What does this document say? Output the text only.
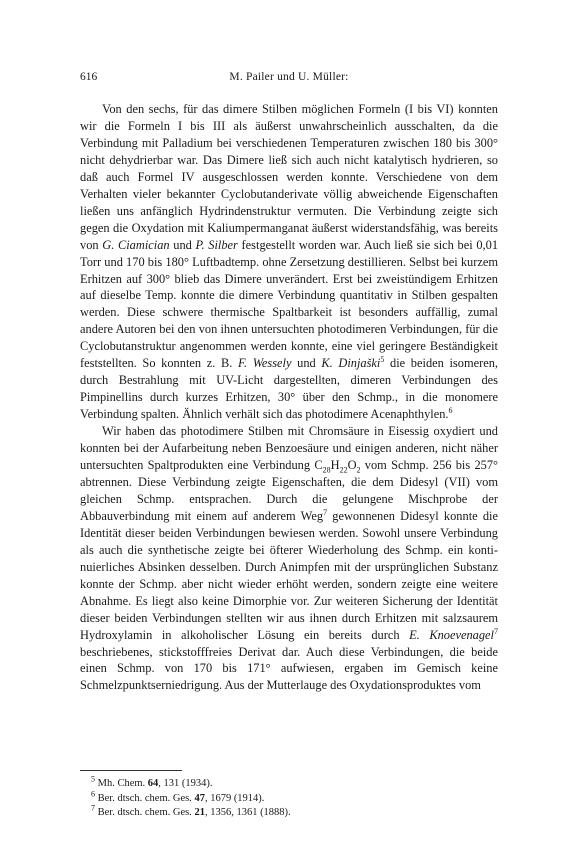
616	M. Pailer und U. Müller:

Von den sechs, für das dimere Stilben möglichen Formeln (I bis VI) konnten wir die Formeln I bis III als äußerst unwahrscheinlich ausschalten, da die Verbindung mit Palladium bei verschiedenen Temperaturen zwischen 180 bis 300° nicht dehydrierbar war. Das Dimere ließ sich auch nicht katalytisch hydrieren, so daß auch Formel IV ausgeschlossen werden konnte. Verschiedene von dem Verhalten vieler bekannter Cyclobutanderivate völlig abweichende Eigenschaften ließen uns anfänglich Hydrindenstruktur vermuten. Die Verbindung zeigte sich gegen die Oxydation mit Kaliumpermanganat äußerst widerstandsfähig, was bereits von G. Ciamician und P. Silber festgestellt worden war. Auch ließ sie sich bei 0,01 Torr und 170 bis 180° Luftbadtemp. ohne Zersetzung destillieren. Selbst bei kurzem Erhitzen auf 300° blieb das Dimere unverändert. Erst bei zweistündigem Erhitzen auf dieselbe Temp. konnte die dimere Verbindung quantitativ in Stilben gespalten werden. Diese schwere thermische Spaltbarkeit ist besonders auffällig, zumal andere Autoren bei den von ihnen untersuchten photodimeren Verbindungen, für die Cyclobutanstruktur angenommen werden konnte, eine viel geringere Beständigkeit feststellten. So konnten z. B. F. Wessely und K. Dinjaški$^5$ die beiden isomeren, durch Bestrahlung mit UV-Licht dargestellten, dimeren Verbindungen des Pimpinellins durch kurzes Erhitzen, 30° über den Schmp., in die monomere Verbindung spalten. Ähnlich verhält sich das photodimere Acenaphthylen.$^6$

Wir haben das photodimere Stilben mit Chromsäure in Eisessig oxydiert und konnten bei der Aufarbeitung neben Benzoesäure und einigen anderen, nicht näher untersuchten Spaltprodukten eine Verbindung $C_{28}H_{22}O_2$ vom Schmp. 256 bis 257° abtrennen. Diese Verbindung zeigte Eigenschaften, die dem Didesyl (VII) vom gleichen Schmp. entsprachen. Durch die gelungene Mischprobe der Abbauverbindung mit einem auf anderem Weg$^7$ gewonnenen Didesyl konnte die Identität dieser beiden Verbindungen bewiesen werden. Sowohl unsere Verbindung als auch die synthetische zeigte bei öfterer Wiederholung des Schmp. ein kontinuierliches Absinken desselben. Durch Animpfen mit der ursprünglichen Substanz konnte der Schmp. aber nicht wieder erhöht werden, sondern zeigte eine weitere Abnahme. Es liegt also keine Dimorphie vor. Zur weiteren Sicherung der Identität dieser beiden Verbindungen stellten wir aus ihnen durch Erhitzen mit salzsaurem Hydroxylamin in alkoholischer Lösung ein bereits durch E. Knoevenagel$^7$ beschriebenes, stickstofffreies Derivat dar. Auch diese Verbindungen, die beide einen Schmp. von 170 bis 171° aufwiesen, ergaben im Gemisch keine Schmelzpunktserniedrigung. Aus der Mutterlauge des Oxydationsproduktes vom

$^5$ Mh. Chem. 64, 131 (1934).

$^6$ Ber. dtsch. chem. Ges. 47, 1679 (1914).

$^7$ Ber. dtsch. chem. Ges. 21, 1356, 1361 (1888).
